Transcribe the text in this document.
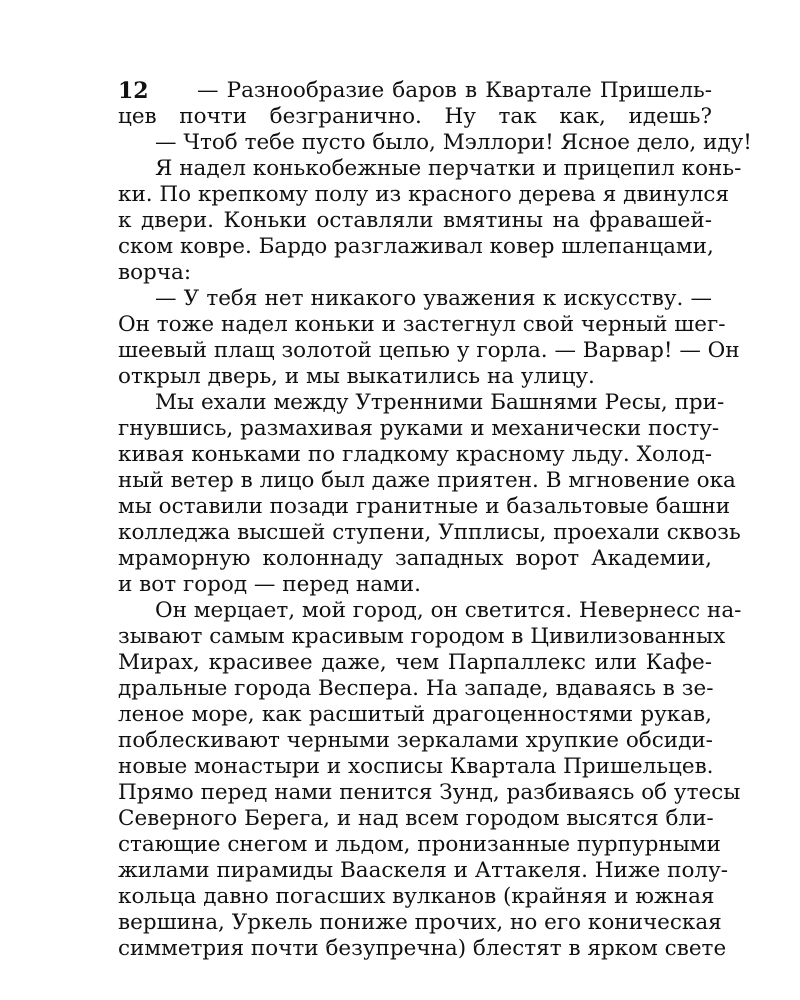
12 — Разнообразие баров в Квартале Пришель-
цев почти безгранично. Ну так как, идешь?
— Чтоб тебе пусто было, Мэллори! Ясное дело, иду!
Я надел конькобежные перчатки и прицепил конь-
ки. По крепкому полу из красного дерева я двинулся
к двери. Коньки оставляли вмятины на фравашей-
ском ковре. Бардо разглаживал ковер шлепанцами,
ворча:
— У тебя нет никакого уважения к искусству. —
Он тоже надел коньки и застегнул свой черный шег-
шеевый плащ золотой цепью у горла. — Варвар! — Он
открыл дверь, и мы выкатились на улицу.
Мы ехали между Утренними Башнями Ресы, при-
гнувшись, размахивая руками и механически посту-
кивая коньками по гладкому красному льду. Холод-
ный ветер в лицо был даже приятен. В мгновение ока
мы оставили позади гранитные и базальтовые башни
колледжа высшей ступени, Упплисы, проехали сквозь
мраморную колоннаду западных ворот Академии,
и вот город — перед нами.
Он мерцает, мой город, он светится. Невернесс на-
зывают самым красивым городом в Цивилизованных
Мирах, красивее даже, чем Парпаллекс или Кафе-
дральные города Веспера. На западе, вдаваясь в зе-
леное море, как расшитый драгоценностями рукав,
поблескивают черными зеркалами хрупкие обсиди-
новые монастыри и хосписы Квартала Пришельцев.
Прямо перед нами пенится Зунд, разбиваясь об утесы
Северного Берега, и над всем городом высятся бли-
стающие снегом и льдом, пронизанные пурпурными
жилами пирамиды Ваaскеля и Аттакеля. Ниже полу-
кольца давно погасших вулканов (крайняя и южная
вершина, Уркель пониже прочих, но его коническая
симметрия почти безупречна) блестят в ярком свете
